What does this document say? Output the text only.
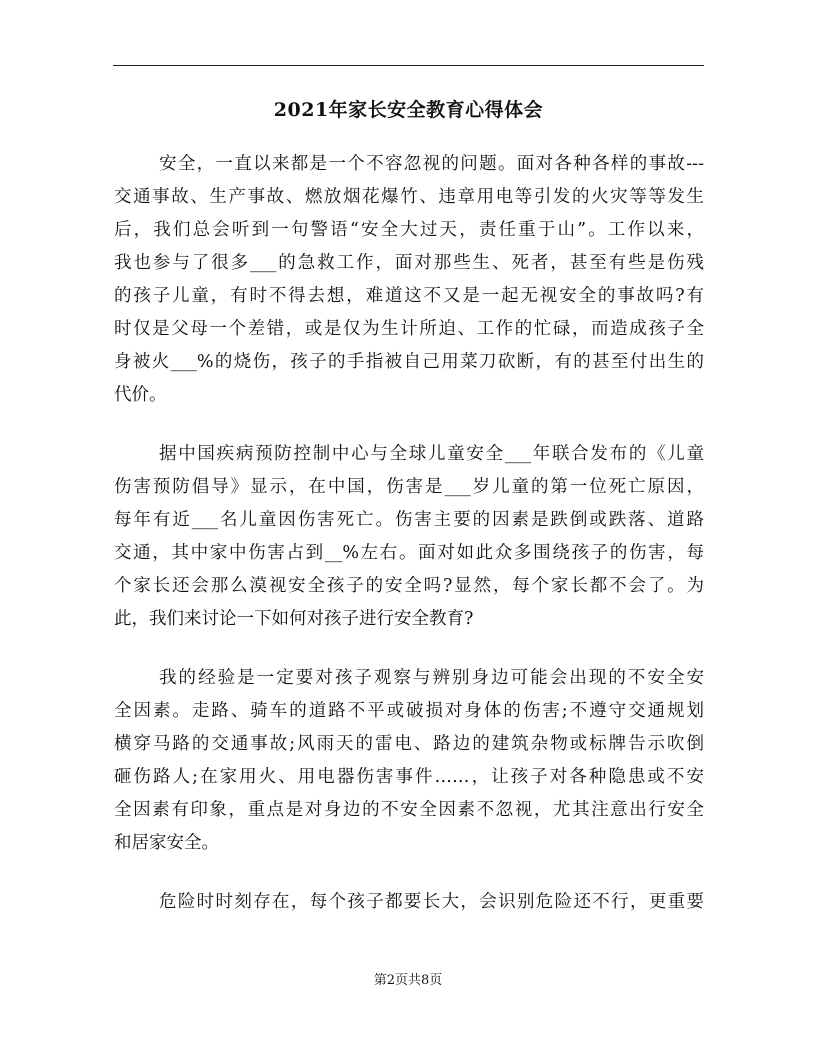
2021年家长安全教育心得体会
安全，一直以来都是一个不容忽视的问题。面对各种各样的事故---
交通事故、生产事故、燃放烟花爆竹、违章用电等引发的火灾等等发生
后，我们总会听到一句警语“安全大过天，责任重于山”。工作以来，
我也参与了很多___的急救工作，面对那些生、死者，甚至有些是伤残
的孩子儿童，有时不得去想，难道这不又是一起无视安全的事故吗?有
时仅是父母一个差错，或是仅为生计所迫、工作的忙碌，而造成孩子全
身被火___%的烧伤，孩子的手指被自己用菜刀砍断，有的甚至付出生的
代价。
据中国疾病预防控制中心与全球儿童安全___年联合发布的《儿童
伤害预防倡导》显示，在中国，伤害是___岁儿童的第一位死亡原因，
每年有近___名儿童因伤害死亡。伤害主要的因素是跌倒或跌落、道路
交通，其中家中伤害占到__%左右。面对如此众多围绕孩子的伤害，每
个家长还会那么漠视安全孩子的安全吗?显然，每个家长都不会了。为
此，我们来讨论一下如何对孩子进行安全教育?
我的经验是一定要对孩子观察与辨别身边可能会出现的不安全安
全因素。走路、骑车的道路不平或破损对身体的伤害;不遵守交通规划
横穿马路的交通事故;风雨天的雷电、路边的建筑杂物或标牌告示吹倒
砸伤路人;在家用火、用电器伤害事件……，让孩子对各种隐患或不安
全因素有印象，重点是对身边的不安全因素不忽视，尤其注意出行安全
和居家安全。
危险时时刻存在，每个孩子都要长大，会识别危险还不行，更重要
第2页共8页
